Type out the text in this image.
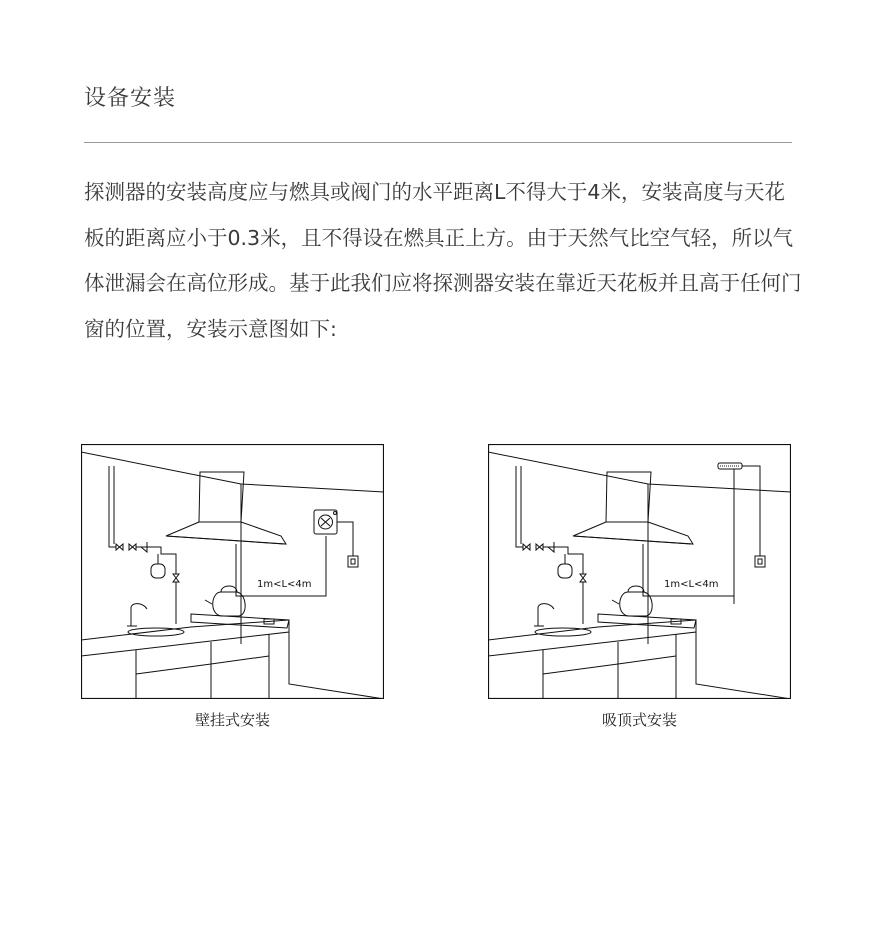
设备安装

探测器的安装高度应与燃具或阀门的水平距离L不得大于4米，安装高度与天花板的距离应小于0.3米，且不得设在燃具正上方。由于天然气比空气轻，所以气体泄漏会在高位形成。基于此我们应将探测器安装在靠近天花板并且高于任何门窗的位置，安装示意图如下:

1m<L<4m
壁挂式安装
1m<L<4m
吸顶式安装
